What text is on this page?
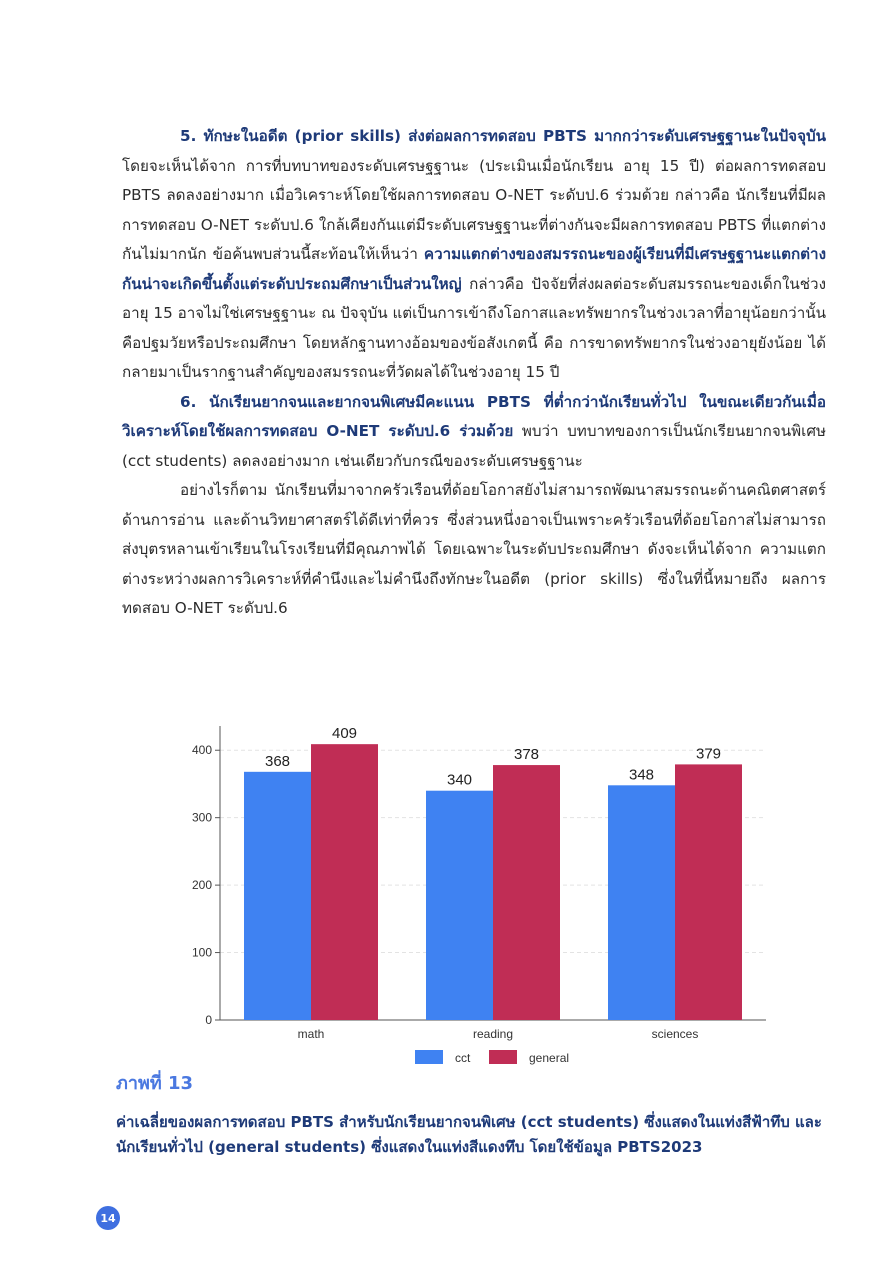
5. ทักษะในอดีต (prior skills) ส่งต่อผลการทดสอบ PBTS มากกว่าระดับเศรษฐฐานะในปัจจุบัน โดยจะเห็นได้จาก การที่บทบาทของระดับเศรษฐฐานะ (ประเมินเมื่อนักเรียน อายุ 15 ปี) ต่อผลการทดสอบ PBTS ลดลงอย่างมาก เมื่อวิเคราะห์โดยใช้ผลการทดสอบ O-NET ระดับป.6 ร่วมด้วย กล่าวคือ นักเรียนที่มีผลการทดสอบ O-NET ระดับป.6 ใกล้เคียงกันแต่มีระดับเศรษฐฐานะที่ต่างกันจะมีผลการทดสอบ PBTS ที่แตกต่างกันไม่มากนัก ข้อค้นพบส่วนนี้สะท้อนให้เห็นว่า ความแตกต่างของสมรรถนะของผู้เรียนที่มีเศรษฐฐานะแตกต่างกันน่าจะเกิดขึ้นตั้งแต่ระดับประถมศึกษาเป็นส่วนใหญ่ กล่าวคือ ปัจจัยที่ส่งผลต่อระดับสมรรถนะของเด็กในช่วงอายุ 15 อาจไม่ใช่เศรษฐฐานะ ณ ปัจจุบัน แต่เป็นการเข้าถึงโอกาสและทรัพยากรในช่วงเวลาที่อายุน้อยกว่านั้น คือปฐมวัยหรือประถมศึกษา โดยหลักฐานทางอ้อมของข้อสังเกตนี้ คือ การขาดทรัพยากรในช่วงอายุยังน้อย ได้กลายมาเป็นรากฐานสำคัญของสมรรถนะที่วัดผลได้ในช่วงอายุ 15 ปี

6. นักเรียนยากจนและยากจนพิเศษมีคะแนน PBTS ที่ต่ำกว่านักเรียนทั่วไป ในขณะเดียวกันเมื่อวิเคราะห์โดยใช้ผลการทดสอบ O-NET ระดับป.6 ร่วมด้วย พบว่า บทบาทของการเป็นนักเรียนยากจนพิเศษ (cct students) ลดลงอย่างมาก เช่นเดียวกับกรณีของระดับเศรษฐฐานะ

อย่างไรก็ตาม นักเรียนที่มาจากครัวเรือนที่ด้อยโอกาสยังไม่สามารถพัฒนาสมรรถนะด้านคณิตศาสตร์ ด้านการอ่าน และด้านวิทยาศาสตร์ได้ดีเท่าที่ควร ซึ่งส่วนหนึ่งอาจเป็นเพราะครัวเรือนที่ด้อยโอกาสไม่สามารถส่งบุตรหลานเข้าเรียนในโรงเรียนที่มีคุณภาพได้ โดยเฉพาะในระดับประถมศึกษา ดังจะเห็นได้จาก ความแตกต่างระหว่างผลการวิเคราะห์ที่คำนึงและไม่คำนึงถึงทักษะในอดีต (prior skills) ซึ่งในที่นี้หมายถึง ผลการทดสอบ O-NET ระดับป.6

0
100
200
300
400
368
409
math
340
378
reading
348
379
sciences
cct	general
ภาพที่ 13
ค่าเฉลี่ยของผลการทดสอบ PBTS สำหรับนักเรียนยากจนพิเศษ (cct students) ซึ่งแสดงในแท่งสีฟ้าทึบ และนักเรียนทั่วไป (general students) ซึ่งแสดงในแท่งสีแดงทึบ โดยใช้ข้อมูล PBTS2023
14
